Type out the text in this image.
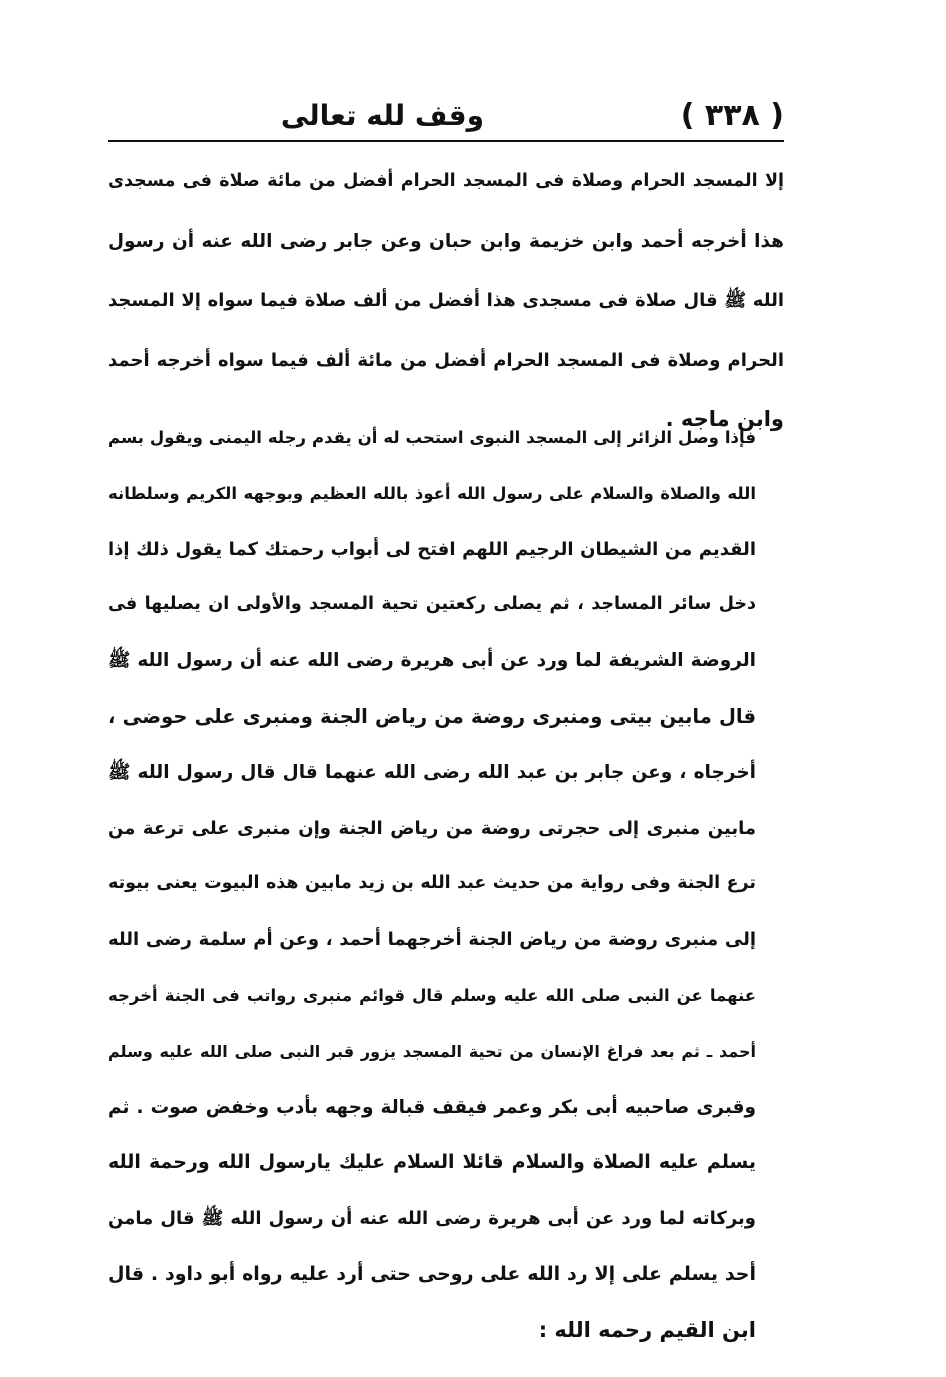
( ٣٣٨ )
وقف لله تعالى
إلا المسجد الحرام وصلاة فى المسجد الحرام أفضل من مائة صلاة فى مسجدى
هذا أخرجه أحمد وابن خزيمة وابن حبان وعن جابر رضى الله عنه أن رسول
الله ﷺ قال صلاة فى مسجدى هذا أفضل من ألف صلاة فيما سواه إلا المسجد
الحرام وصلاة فى المسجد الحرام أفضل من مائة ألف فيما سواه أخرجه أحمد
وابن ماجه .
فإذا وصل الزائر إلى المسجد النبوى استحب له أن يقدم رجله اليمنى ويقول بسم
الله والصلاة والسلام على رسول الله أعوذ بالله العظيم وبوجهه الكريم وسلطانه
القديم من الشيطان الرجيم اللهم افتح لى أبواب رحمتك كما يقول ذلك إذا
دخل سائر المساجد ، ثم يصلى ركعتين تحية المسجد والأولى ان يصليها فى
الروضة الشريفة لما ورد عن أبى هريرة رضى الله عنه أن رسول الله ﷺ
قال مابين بيتى ومنبرى روضة من رياض الجنة ومنبرى على حوضى ،
أخرجاه ، وعن جابر بن عبد الله رضى الله عنهما قال قال رسول الله ﷺ
مابين منبرى إلى حجرتى روضة من رياض الجنة وإن منبرى على ترعة من
ترع الجنة وفى رواية من حديث عبد الله بن زيد مابين هذه البيوت يعنى بيوته
إلى منبرى روضة من رياض الجنة أخرجهما أحمد ، وعن أم سلمة رضى الله
عنهما عن النبى صلى الله عليه وسلم قال قوائم منبرى رواتب فى الجنة أخرجه
أحمد ـ ثم بعد فراغ الإنسان من تحية المسجد يزور قبر النبى صلى الله عليه وسلم
وقبرى صاحبيه أبى بكر وعمر فيقف قبالة وجهه بأدب وخفض صوت . ثم
يسلم عليه الصلاة والسلام قائلا السلام عليك يارسول الله ورحمة الله
وبركاته لما ورد عن أبى هريرة رضى الله عنه أن رسول الله ﷺ قال مامن
أحد يسلم على إلا رد الله على روحى حتى أرد عليه رواه أبو داود . قال
ابن القيم رحمه الله :
